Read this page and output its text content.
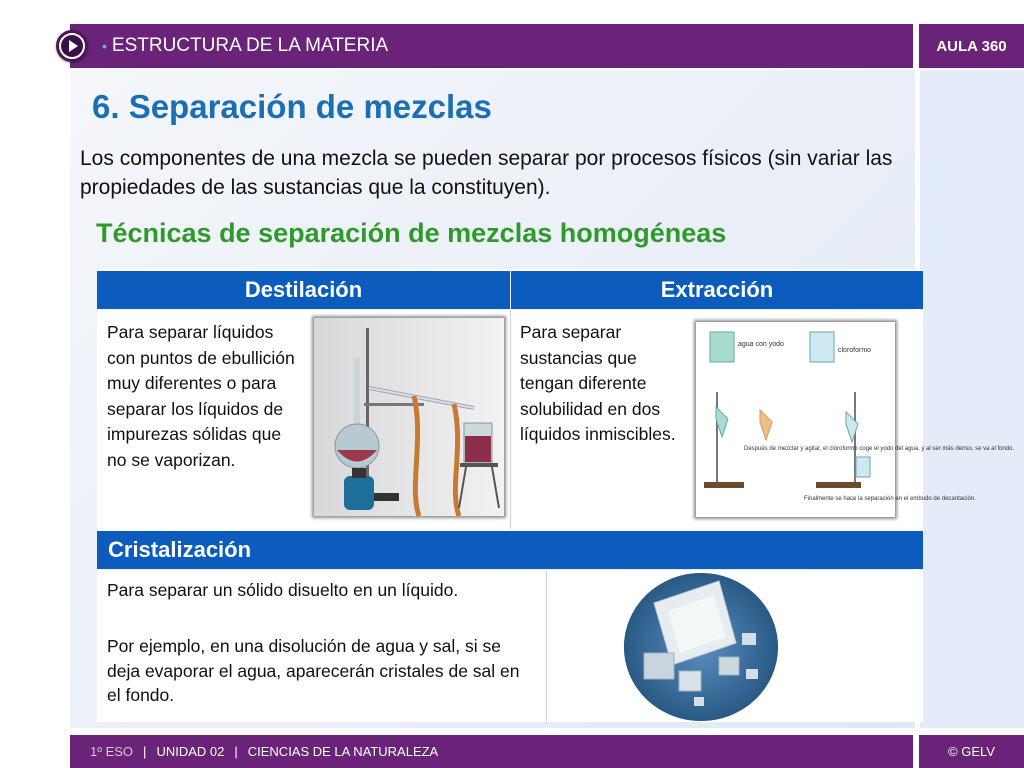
• ESTRUCTURA DE LA MATERIA	AULA 360
6. Separación de mezclas
Los componentes de una mezcla se pueden separar por procesos físicos (sin variar las propiedades de las sustancias que la constituyen).
Técnicas de separación de mezclas homogéneas
Destilación	Extracción
Cristalización
Para separar líquidos con puntos de ebullición muy diferentes o para separar los líquidos de impurezas sólidas que no se vaporizan.
Para separar sustancias que tengan diferente solubilidad en dos líquidos inmiscibles.
agua con yodo
cloroformo
Después de mezclar y agitar, el cloroformo coge el yodo del agua, y al ser más denso, se va al fondo.
Finalmente se hace la separación en el embudo de decantación.
Para separar un sólido disuelto en un líquido.
Por ejemplo, en una disolución de agua y sal, si se deja evaporar el agua, aparecerán cristales de sal en el fondo.
1º ESO | UNIDAD 02 | CIENCIAS DE LA NATURALEZA	© GELV
